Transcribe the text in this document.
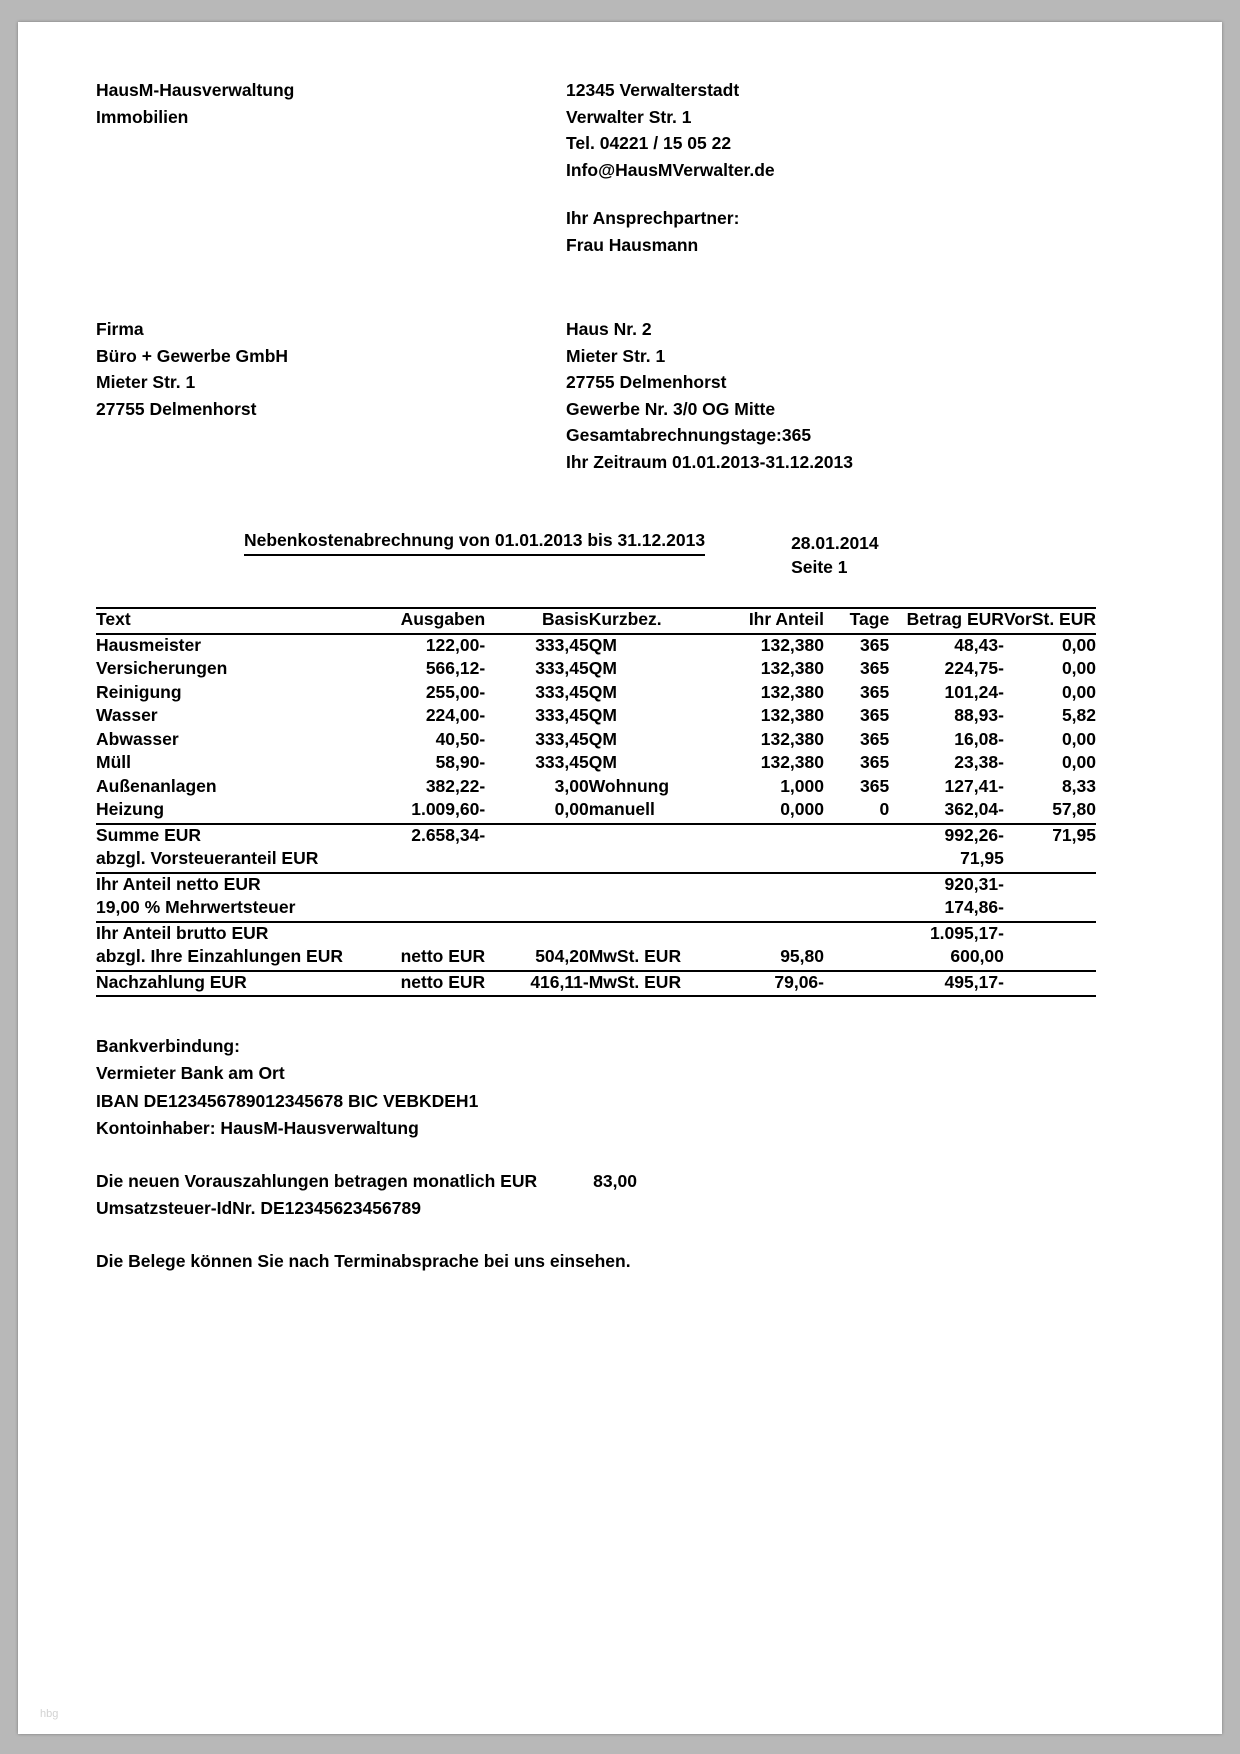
HausM-Hausverwaltung
Immobilien
12345 Verwalterstadt
Verwalter Str. 1
Tel. 04221 / 15 05 22
Info@HausMVerwalter.de
Ihr Ansprechpartner:
Frau Hausmann
Firma
Büro + Gewerbe GmbH
Mieter Str. 1
27755 Delmenhorst
Haus Nr. 2
Mieter Str. 1
27755 Delmenhorst
Gewerbe Nr. 3/0 OG Mitte
Gesamtabrechnungstage:365
Ihr Zeitraum 01.01.2013-31.12.2013
Nebenkostenabrechnung von 01.01.2013 bis 31.12.2013	28.01.2014
Seite 1
Text	Ausgaben	Basis	Kurzbez.	Ihr Anteil	Tage	Betrag EUR	VorSt. EUR
Hausmeister	122,00-	333,45	QM	132,380	365	48,43-	0,00
Versicherungen	566,12-	333,45	QM	132,380	365	224,75-	0,00
Reinigung	255,00-	333,45	QM	132,380	365	101,24-	0,00
Wasser	224,00-	333,45	QM	132,380	365	88,93-	5,82
Abwasser	40,50-	333,45	QM	132,380	365	16,08-	0,00
Müll	58,90-	333,45	QM	132,380	365	23,38-	0,00
Außenanlagen	382,22-	3,00	Wohnung	1,000	365	127,41-	8,33
Heizung	1.009,60-	0,00	manuell	0,000	0	362,04-	57,80
Summe EUR	2.658,34-					992,26-	71,95
abzgl. Vorsteueranteil EUR						71,95	
Ihr Anteil netto EUR						920,31-	
19,00 % Mehrwertsteuer						174,86-	
Ihr Anteil brutto EUR						1.095,17-	
abzgl. Ihre Einzahlungen EUR	netto EUR	504,20	MwSt. EUR	95,80		600,00	
Nachzahlung EUR	netto EUR	416,11-	MwSt. EUR	79,06-		495,17-	
Bankverbindung:
Vermieter Bank am Ort
IBAN DE123456789012345678 BIC VEBKDEH1
Kontoinhaber: HausM-Hausverwaltung
Die neuen Vorauszahlungen betragen monatlich EUR	83,00
Umsatzsteuer-IdNr. DE12345623456789
Die Belege können Sie nach Terminabsprache bei uns einsehen.
hbg
